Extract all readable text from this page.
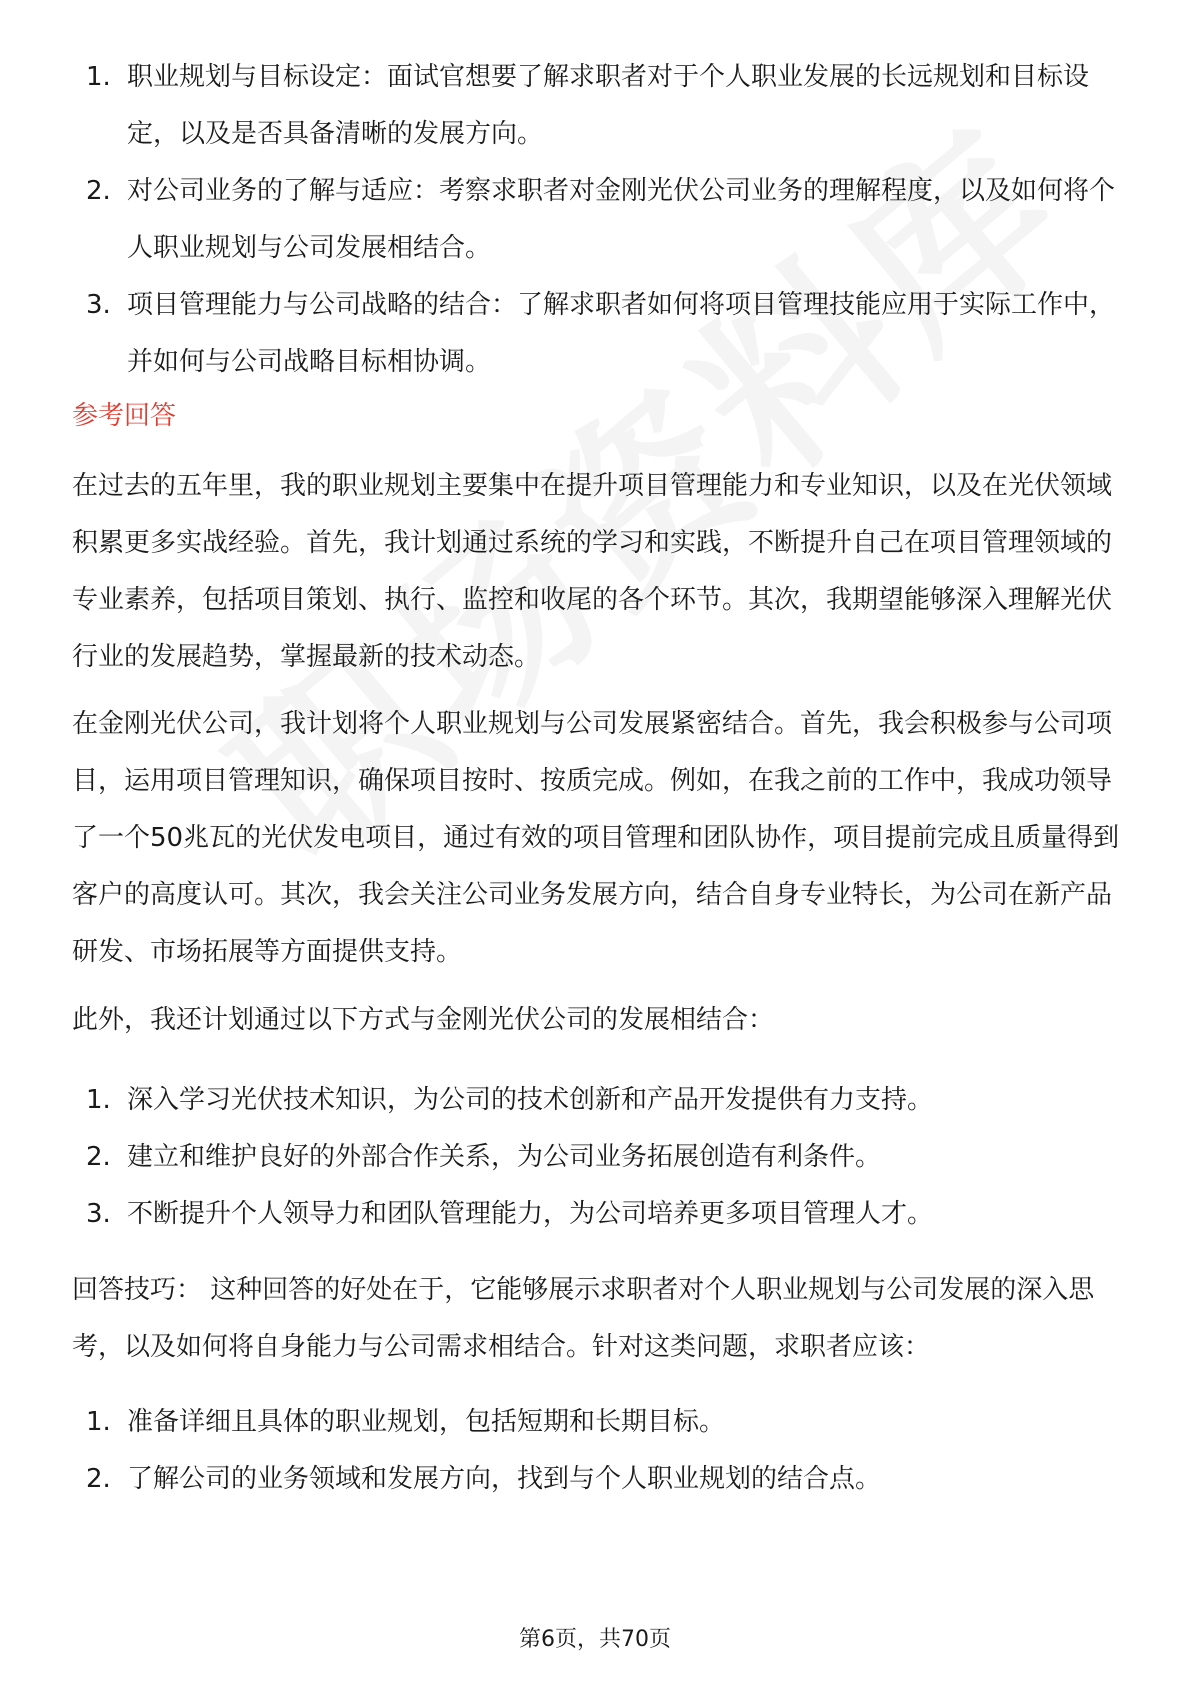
1. 职业规划与目标设定：面试官想要了解求职者对于个人职业发展的长远规划和目标设定，以及是否具备清晰的发展方向。
2. 对公司业务的了解与适应：考察求职者对金刚光伏公司业务的理解程度，以及如何将个人职业规划与公司发展相结合。
3. 项目管理能力与公司战略的结合：了解求职者如何将项目管理技能应用于实际工作中，并如何与公司战略目标相协调。

参考回答

在过去的五年里，我的职业规划主要集中在提升项目管理能力和专业知识，以及在光伏领域积累更多实战经验。首先，我计划通过系统的学习和实践，不断提升自己在项目管理领域的专业素养，包括项目策划、执行、监控和收尾的各个环节。其次，我期望能够深入理解光伏行业的发展趋势，掌握最新的技术动态。

在金刚光伏公司，我计划将个人职业规划与公司发展紧密结合。首先，我会积极参与公司项目，运用项目管理知识，确保项目按时、按质完成。例如，在我之前的工作中，我成功领导了一个50兆瓦的光伏发电项目，通过有效的项目管理和团队协作，项目提前完成且质量得到客户的高度认可。其次，我会关注公司业务发展方向，结合自身专业特长，为公司在新产品研发、市场拓展等方面提供支持。

此外，我还计划通过以下方式与金刚光伏公司的发展相结合：

1. 深入学习光伏技术知识，为公司的技术创新和产品开发提供有力支持。
2. 建立和维护良好的外部合作关系，为公司业务拓展创造有利条件。
3. 不断提升个人领导力和团队管理能力，为公司培养更多项目管理人才。

回答技巧： 这种回答的好处在于，它能够展示求职者对个人职业规划与公司发展的深入思考，以及如何将自身能力与公司需求相结合。针对这类问题，求职者应该：

1. 准备详细且具体的职业规划，包括短期和长期目标。
2. 了解公司的业务领域和发展方向，找到与个人职业规划的结合点。
第6页，共70页
